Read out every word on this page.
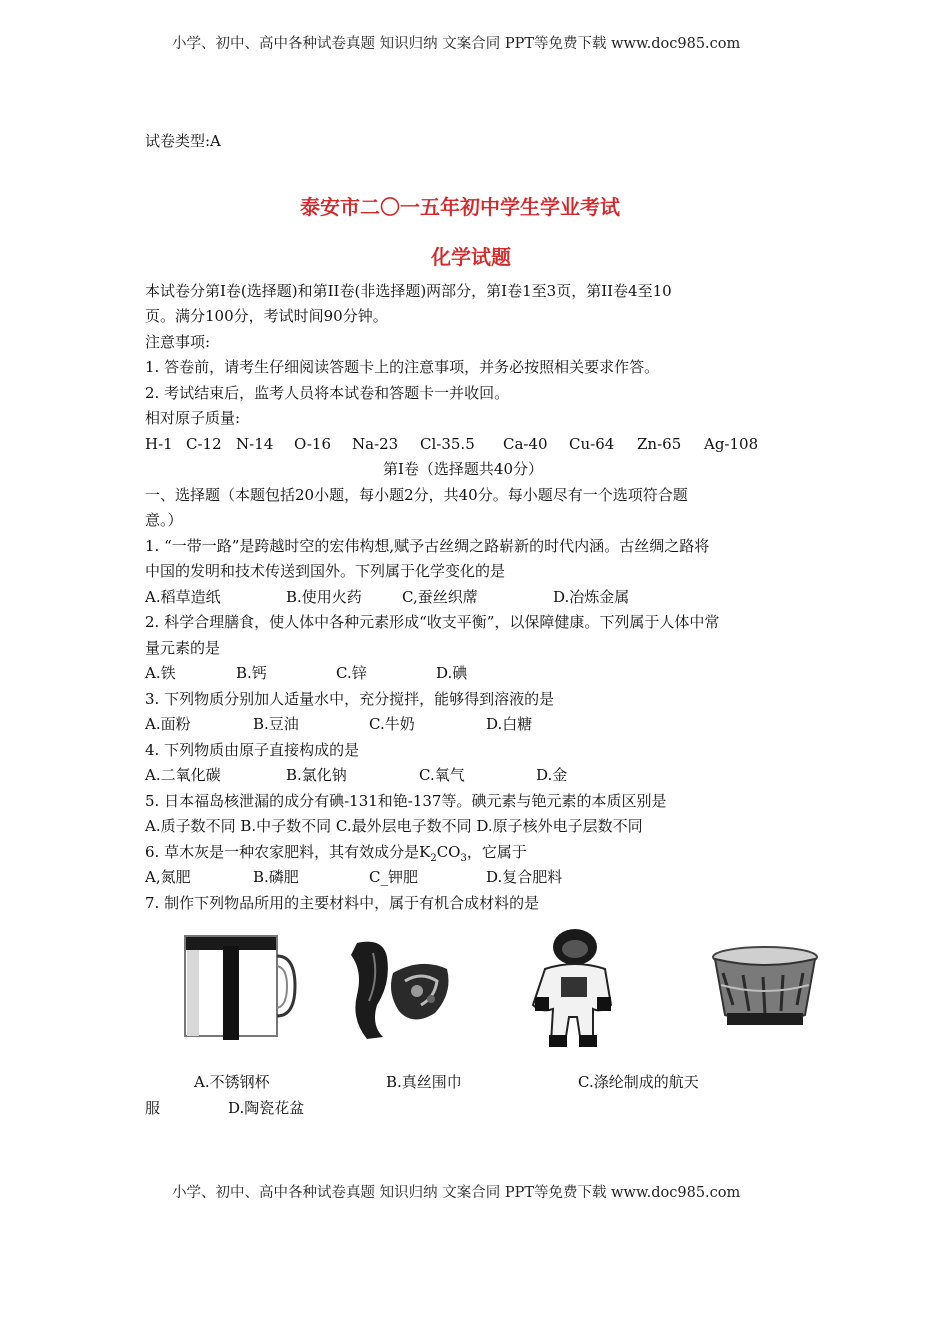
小学、初中、高中各种试卷真题 知识归纳 文案合同 PPT等免费下载 www.doc985.com
试卷类型:A
泰安市二〇一五年初中学生学业考试
化学试题
本试卷分第I卷(选择题)和第II卷(非选择题)两部分，第I卷1至3页，第II卷4至10
页。满分100分，考试时间90分钟。
注意事项:
1. 答卷前，请考生仔细阅读答题卡上的注意事项，并务必按照相关要求作答。
2. 考试结束后，监考人员将本试卷和答题卡一并收回。
相对原子质量:
H-1 C-12 N-14 O-16 Na-23 Cl-35.5 Ca-40 Cu-64 Zn-65 Ag-108
第I卷（选择题共40分）
一、选择题（本题包括20小题，每小题2分，共40分。每小题尽有一个选项符合题
意。）
1. “一带一路”是跨越时空的宏伟构想,赋予古丝绸之路崭新的时代内涵。古丝绸之路将
中国的发明和技术传送到国外。下列属于化学变化的是
A.稻草造纸	B.使用火药	C,蚕丝织蓆	D.冶炼金属
2. 科学合理膳食，使人体中各种元素形成“收支平衡”，以保障健康。下列属于人体中常
量元素的是
A.铁	B.钙	C.锌	D.碘
3. 下列物质分别加人适量水中，充分搅拌，能够得到溶液的是
A.面粉	B.豆油	C.牛奶	D.白糖
4. 下列物质由原子直接构成的是
A.二氧化碳	B.氯化钠	C.氧气	D.金
5. 日本福岛核泄漏的成分有碘-131和铯-137等。碘元素与铯元素的本质区别是
A.质子数不同 B.中子数不同 C.最外层电子数不同 D.原子核外电子层数不同
6. 草木灰是一种农家肥料，其有效成分是$K_2CO_3$，它属于
A,氮肥	B.磷肥	C_钾肥	D.复合肥料
7. 制作下列物品所用的主要材料中，属于有机合成材料的是
A.不锈钢杯	B.真丝围巾	C.涤纶制成的航天
服	D.陶瓷花盆
小学、初中、高中各种试卷真题 知识归纳 文案合同 PPT等免费下载 www.doc985.com
